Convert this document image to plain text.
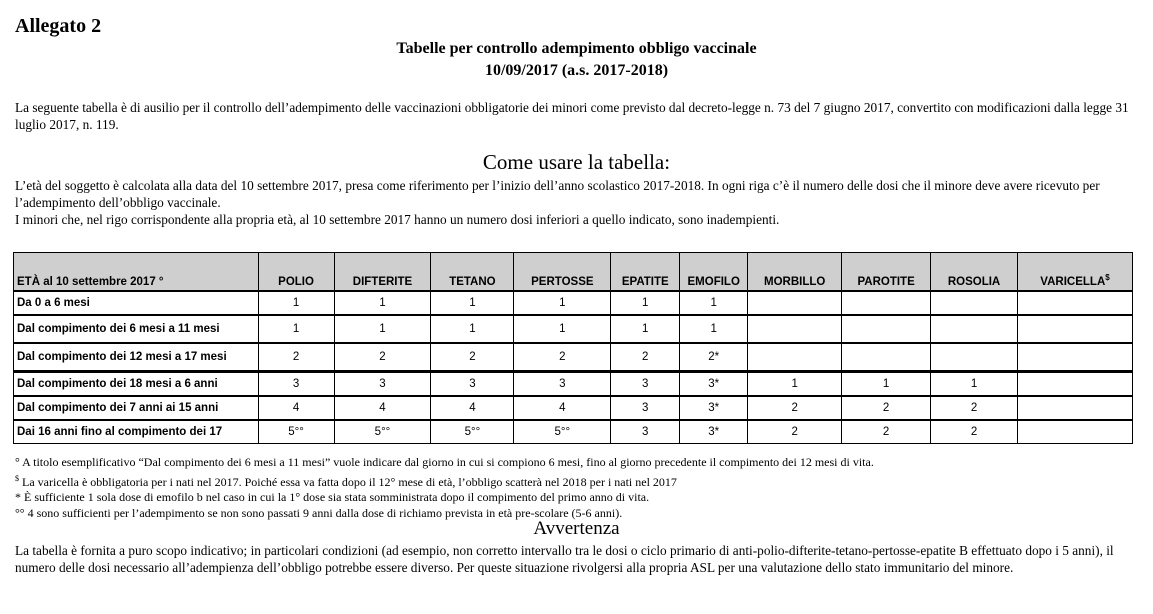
Allegato 2
Tabelle per controllo adempimento obbligo vaccinale
10/09/2017 (a.s. 2017-2018)
La seguente tabella è di ausilio per il controllo dell’adempimento delle vaccinazioni obbligatorie dei minori come previsto dal decreto-legge n. 73 del 7 giugno 2017, convertito con modificazioni dalla legge 31 luglio 2017, n. 119.
Come usare la tabella:
L’età del soggetto è calcolata alla data del 10 settembre 2017, presa come riferimento per l’inizio dell’anno scolastico 2017-2018. In ogni riga c’è il numero delle dosi che il minore deve avere ricevuto per l’adempimento dell’obbligo vaccinale.
I minori che, nel rigo corrispondente alla propria età, al 10 settembre 2017 hanno un numero dosi inferiori a quello indicato, sono inadempienti.
ETÀ al 10 settembre 2017 °	POLIO	DIFTERITE	TETANO	PERTOSSE	EPATITE	EMOFILO	MORBILLO	PAROTITE	ROSOLIA	VARICELLA$
Da 0 a 6 mesi	1	1	1	1	1	1				
Dal compimento dei 6 mesi a 11 mesi	1	1	1	1	1	1				
Dal compimento dei 12 mesi a 17 mesi	2	2	2	2	2	2*				
Dal compimento dei 18 mesi a 6 anni	3	3	3	3	3	3*	1	1	1	
Dal compimento dei 7 anni ai 15 anni	4	4	4	4	3	3*	2	2	2	
Dai 16 anni fino al compimento dei 17	5°°	5°°	5°°	5°°	3	3*	2	2	2	
° A titolo esemplificativo “Dal compimento dei 6 mesi a 11 mesi” vuole indicare dal giorno in cui si compiono 6 mesi, fino al giorno precedente il compimento dei 12 mesi di vita.
$ La varicella è obbligatoria per i nati nel 2017. Poiché essa va fatta dopo il 12° mese di età, l’obbligo scatterà nel 2018 per i nati nel 2017
* È sufficiente 1 sola dose di emofilo b nel caso in cui la 1° dose sia stata somministrata dopo il compimento del primo anno di vita.
°° 4 sono sufficienti per l’adempimento se non sono passati 9 anni dalla dose di richiamo prevista in età pre-scolare (5-6 anni).
Avvertenza
La tabella è fornita a puro scopo indicativo; in particolari condizioni (ad esempio, non corretto intervallo tra le dosi o ciclo primario di anti-polio-difterite-tetano-pertosse-epatite B effettuato dopo i 5 anni), il numero delle dosi necessario all’adempienza dell’obbligo potrebbe essere diverso. Per queste situazione rivolgersi alla propria ASL per una valutazione dello stato immunitario del minore.
